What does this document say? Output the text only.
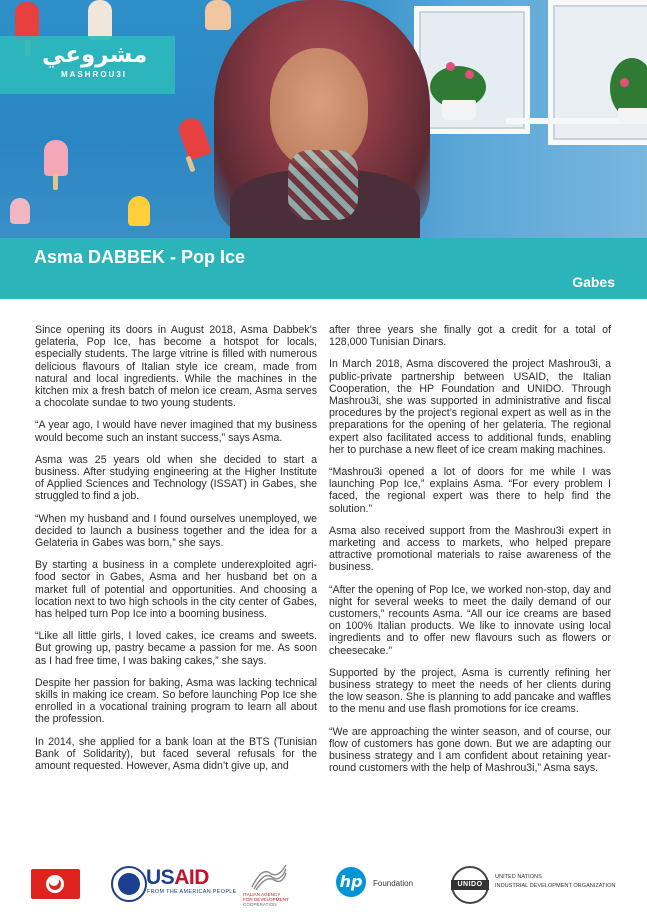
مشروعي
MASHROU3I
Asma DABBEK - Pop Ice
Gabes

Since opening its doors in August 2018, Asma Dabbek’s gelateria, Pop Ice, has become a hotspot for locals, especially students. The large vitrine is filled with numerous delicious flavours of Italian style ice cream, made from natural and local ingredients. While the machines in the kitchen mix a fresh batch of melon ice cream, Asma serves a chocolate sundae to two young students.

“A year ago, I would have never imagined that my business would become such an instant success,” says Asma.

Asma was 25 years old when she decided to start a business. After studying engineering at the Higher Institute of Applied Sciences and Technology (ISSAT) in Gabes, she struggled to find a job.

“When my husband and I found ourselves unemployed, we decided to launch a business together and the idea for a Gelateria in Gabes was born,” she says.

By starting a business in a complete underexploited agri-food sector in Gabes, Asma and her husband bet on a market full of potential and opportunities. And choosing a location next to two high schools in the city center of Gabes, has helped turn Pop Ice into a booming business.

“Like all little girls, I loved cakes, ice creams and sweets. But growing up, pastry became a passion for me. As soon as I had free time, I was baking cakes,” she says.

Despite her passion for baking, Asma was lacking technical skills in making ice cream. So before launching Pop Ice she enrolled in a vocational training program to learn all about the profession.

In 2014, she applied for a bank loan at the BTS (Tunisian Bank of Solidarity), but faced several refusals for the amount requested. However, Asma didn’t give up, and

after three years she finally got a credit for a total of 128,000 Tunisian Dinars.

In March 2018, Asma discovered the project Mashrou3i, a public-private partnership between USAID, the Italian Cooperation, the HP Foundation and UNIDO. Through Mashrou3i, she was supported in administrative and fiscal procedures by the project’s regional expert as well as in the preparations for the opening of her gelateria. The regional expert also facilitated access to additional funds, enabling her to purchase a new fleet of ice cream making machines.

“Mashrou3i opened a lot of doors for me while I was launching Pop Ice,” explains Asma. “For every problem I faced, the regional expert was there to help find the solution.”

Asma also received support from the Mashrou3i expert in marketing and access to markets, who helped prepare attractive promotional materials to raise awareness of the business.

“After the opening of Pop Ice, we worked non-stop, day and night for several weeks to meet the daily demand of our customers,” recounts Asma. “All our ice creams are based on 100% Italian products. We like to innovate using local ingredients and to offer new flavours such as flowers or cheesecake.”

Supported by the project, Asma is currently refining her business strategy to meet the needs of her clients during the low season. She is planning to add pancake and waffles to the menu and use flash promotions for ice creams.

“We are approaching the winter season, and of course, our flow of customers has gone down. But we are adapting our business strategy and I am confident about retaining year-round customers with the help of Mashrou3i,” Asma says.

USAID
FROM THE AMERICAN PEOPLE ITALIAN AGENCY
FOR DEVELOPMENT
COOPERATION
hp	Foundation	UNIDO
UNITED NATIONS
INDUSTRIAL DEVELOPMENT ORGANIZATION
